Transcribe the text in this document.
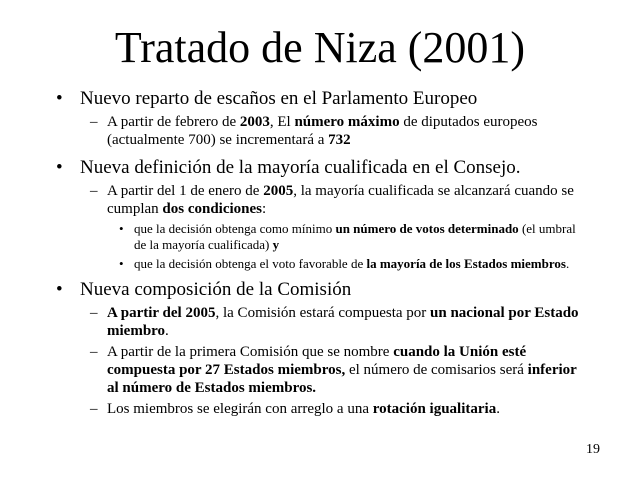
Tratado de Niza (2001)
• Nuevo reparto de escaños en el Parlamento Europeo
– A partir de febrero de 2003, El número máximo de diputados europeos (actualmente 700) se incrementará a 732
• Nueva definición de la mayoría cualificada en el Consejo.
– A partir del 1 de enero de 2005, la mayoría cualificada se alcanzará cuando se cumplan dos condiciones:
• que la decisión obtenga como mínimo un número de votos determinado (el umbral de la mayoría cualificada) y
• que la decisión obtenga el voto favorable de la mayoría de los Estados miembros.
• Nueva composición de la Comisión
– A partir del 2005, la Comisión estará compuesta por un nacional por Estado miembro.
– A partir de la primera Comisión que se nombre cuando la Unión esté compuesta por 27 Estados miembros, el número de comisarios será inferior al número de Estados miembros.
– Los miembros se elegirán con arreglo a una rotación igualitaria.
19
